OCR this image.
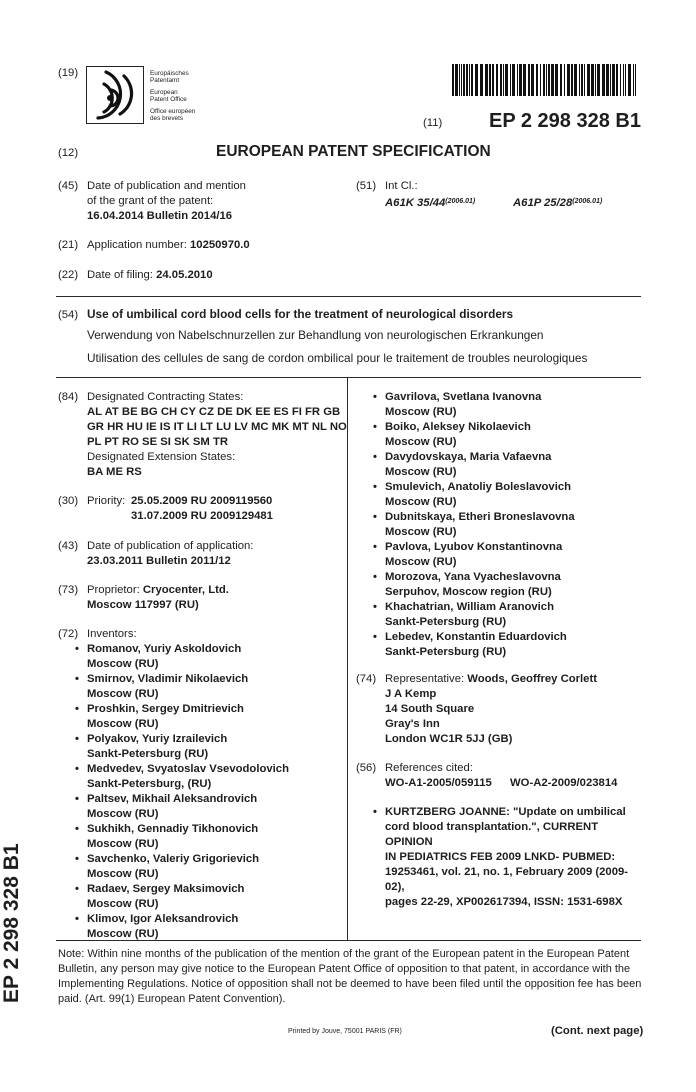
(19)	Europäisches
Patentamt
European
Patent Office
Office européen
des brevets	(11) EP 2 298 328 B1
(12)	EUROPEAN PATENT SPECIFICATION
(45) Date of publication and mention
of the grant of the patent:
16.04.2014 Bulletin 2014/16
(51) Int Cl.:
A61K $35/44^{(2006.01)}$	A61P $25/28^{(2006.01)}$
(21) Application number: 10250970.0
(22) Date of filing: 24.05.2010
(54) Use of umbilical cord blood cells for the treatment of neurological disorders
Verwendung von Nabelschnurzellen zur Behandlung von neurologischen Erkrankungen
Utilisation des cellules de sang de cordon ombilical pour le traitement de troubles neurologiques
(84) Designated Contracting States:
AL AT BE BG CH CY CZ DE DK EE ES FI FR GB
GR HR HU IE IS IT LI LT LU LV MC MK MT NL NO
PL PT RO SE SI SK SM TR
Designated Extension States:
BA ME RS
(30) Priority: 25.05.2009 RU 2009119560
31.07.2009 RU 2009129481
(43) Date of publication of application:
23.03.2011 Bulletin 2011/12
(73) Proprietor: Cryocenter, Ltd.
Moscow 117997 (RU)
(72) Inventors:
• Romanov, Yuriy Askoldovich
Moscow (RU)
• Smirnov, Vladimir Nikolaevich
Moscow (RU)
• Proshkin, Sergey Dmitrievich
Moscow (RU)
• Polyakov, Yuriy Izrailevich
Sankt-Petersburg (RU)
• Medvedev, Svyatoslav Vsevodolovich
Sankt-Petersburg, (RU)
• Paltsev, Mikhail Aleksandrovich
Moscow (RU)
• Sukhikh, Gennadiy Tikhonovich
Moscow (RU)
• Savchenko, Valeriy Grigorievich
Moscow (RU)
• Radaev, Sergey Maksimovich
Moscow (RU)
• Klimov, Igor Aleksandrovich
Moscow (RU)
• Gavrilova, Svetlana Ivanovna
Moscow (RU)
• Boiko, Aleksey Nikolaevich
Moscow (RU)
• Davydovskaya, Maria Vafaevna
Moscow (RU)
• Smulevich, Anatoliy Boleslavovich
Moscow (RU)
• Dubnitskaya, Etheri Broneslavovna
Moscow (RU)
• Pavlova, Lyubov Konstantinovna
Moscow (RU)
• Morozova, Yana Vyacheslavovna
Serpuhov, Moscow region (RU)
• Khachatrian, William Aranovich
Sankt-Petersburg (RU)
• Lebedev, Konstantin Eduardovich
Sankt-Petersburg (RU)
(74) Representative: Woods, Geoffrey Corlett
J A Kemp
14 South Square
Gray's Inn
London WC1R 5JJ (GB)
(56) References cited:
WO-A1-2005/059115 WO-A2-2009/023814
• KURTZBERG JOANNE: "Update on umbilical
cord blood transplantation.", CURRENT OPINION
IN PEDIATRICS FEB 2009 LNKD- PUBMED:
19253461, vol. 21, no. 1, February 2009 (2009-02),
pages 22-29, XP002617394, ISSN: 1531-698X
Note: Within nine months of the publication of the mention of the grant of the European patent in the European Patent
Bulletin, any person may give notice to the European Patent Office of opposition to that patent, in accordance with the
Implementing Regulations. Notice of opposition shall not be deemed to have been filed until the opposition fee has been
paid. (Art. 99(1) European Patent Convention).
Printed by Jouve, 75001 PARIS (FR)	(Cont. next page)
EP 2 298 328 B1
